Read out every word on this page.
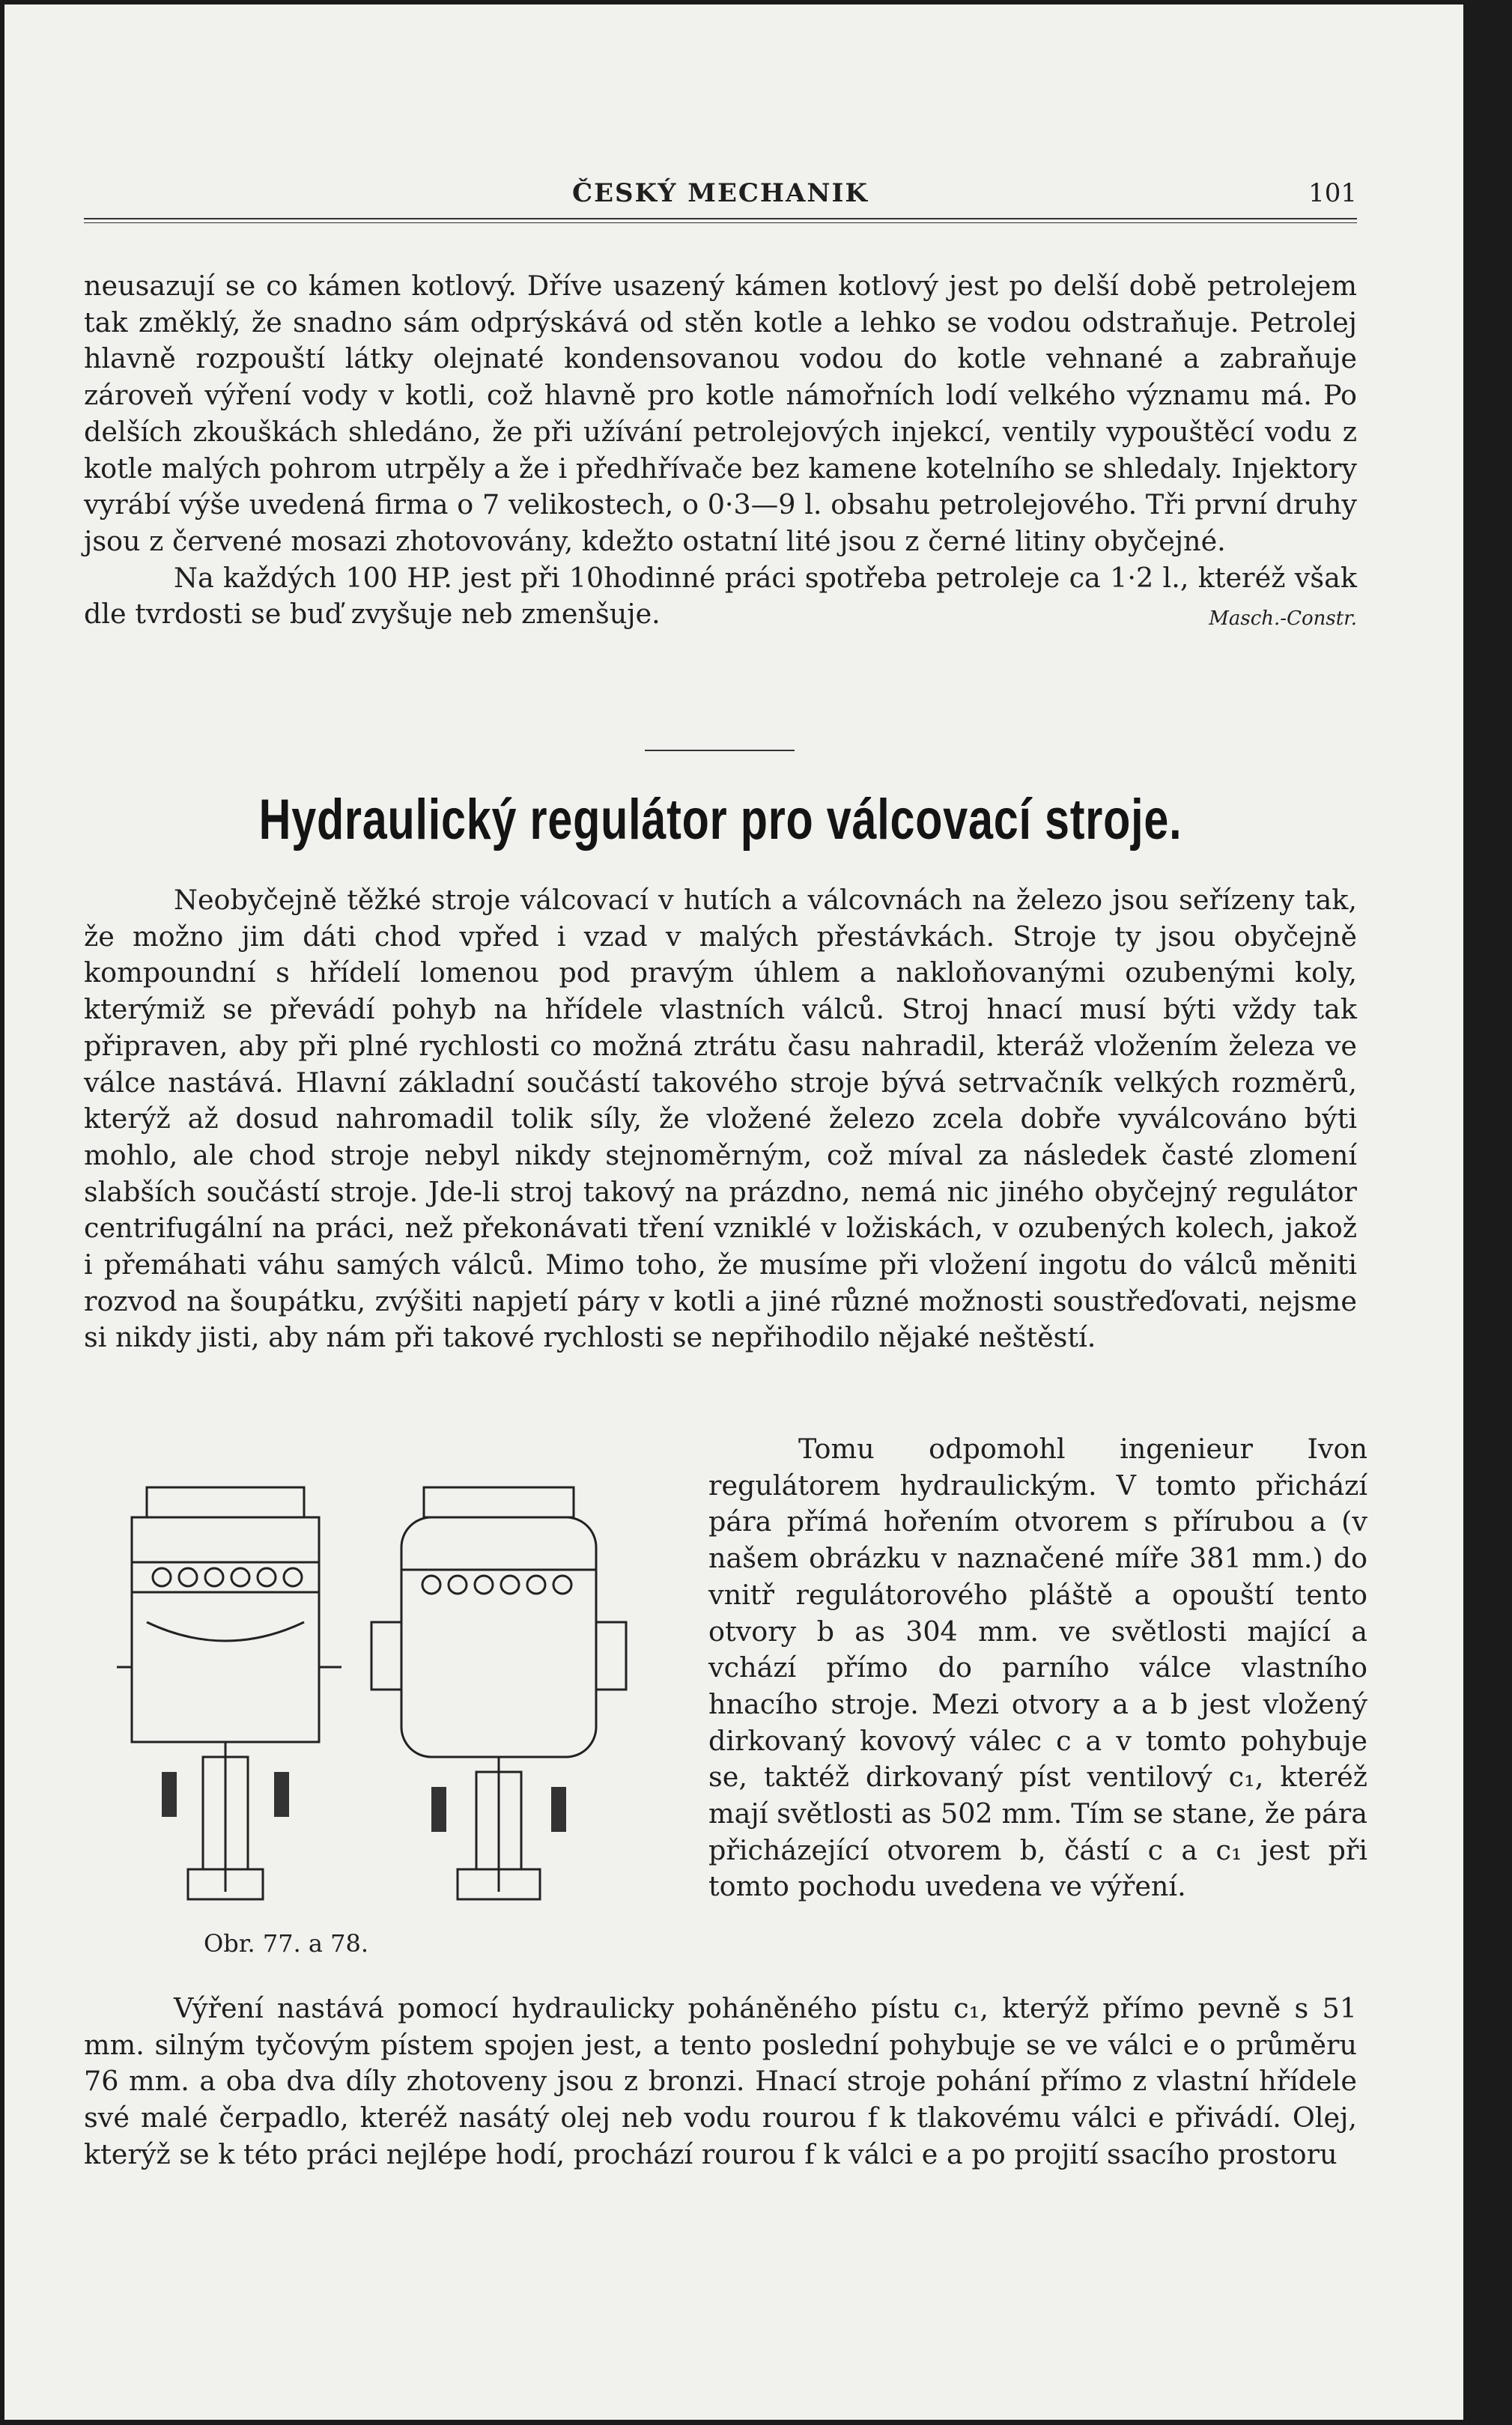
ČESKÝ MECHANIK	101

neusazují se co kámen kotlový. Dříve usazený kámen kotlový jest po delší době petrolejem tak změklý, že snadno sám odprýskává od stěn kotle a lehko se vodou odstraňuje. Petrolej hlavně rozpouští látky olejnaté kondensovanou vodou do kotle vehnané a zabraňuje zároveň výření vody v kotli, což hlavně pro kotle námořních lodí velkého významu má. Po delších zkouškách shledáno, že při užívání petrolejových injekcí, ventily vypouštěcí vodu z kotle malých pohrom utrpěly a že i předhřívače bez kamene kotelního se shledaly. Injektory vyrábí výše uvedená firma o 7 velikostech, o 0·3—9 l. obsahu petrolejového. Tři první druhy jsou z červené mosazi zhotovovány, kdežto ostatní lité jsou z černé litiny obyčejné.

Na každých 100 HP. jest při 10hodinné práci spotřeba petroleje ca 1·2 l., kteréž však dle tvrdosti se buď zvyšuje neb zmenšuje.	Masch.-Constr.

Hydraulický regulátor pro válcovací stroje.

Neobyčejně těžké stroje válcovací v hutích a válcovnách na železo jsou seřízeny tak, že možno jim dáti chod vpřed i vzad v malých přestávkách. Stroje ty jsou obyčejně kompoundní s hřídelí lomenou pod pravým úhlem a nakloňovanými ozubenými koly, kterýmiž se převádí pohyb na hřídele vlastních válců. Stroj hnací musí býti vždy tak připraven, aby při plné rychlosti co možná ztrátu času nahradil, kteráž vložením železa ve válce nastává. Hlavní základní součástí takového stroje bývá setrvačník velkých rozměrů, kterýž až dosud nahromadil tolik síly, že vložené železo zcela dobře vyválcováno býti mohlo, ale chod stroje nebyl nikdy stejnoměrným, což míval za následek časté zlomení slabších součástí stroje. Jde-li stroj takový na prázdno, nemá nic jiného obyčejný regulátor centrifugální na práci, než překonávati tření vzniklé v ložiskách, v ozubených kolech, jakož i přemáhati váhu samých válců. Mimo toho, že musíme při vložení ingotu do válců měniti rozvod na šoupátku, zvýšiti napjetí páry v kotli a jiné různé možnosti soustřeďovati, nejsme si nikdy jisti, aby nám při takové rychlosti se nepřihodilo nějaké neštěstí.

Obr. 77. a 78.

Tomu odpomohl ingenieur Ivon regulátorem hydraulickým. V tomto přichází pára přímá hořením otvorem s přírubou a (v našem obrázku v naznačené míře 381 mm.) do vnitř regulátorového pláště a opouští tento otvory b as 304 mm. ve světlosti mající a vchází přímo do parního válce vlastního hnacího stroje. Mezi otvory a a b jest vložený dirkovaný kovový válec c a v tomto pohybuje se, taktéž dirkovaný píst ventilový c₁, kteréž mají světlosti as 502 mm. Tím se stane, že pára přicházející otvorem b, částí c a c₁ jest při tomto pochodu uvedena ve výření.

Výření nastává pomocí hydraulicky poháněného pístu c₁, kterýž přímo pevně s 51 mm. silným tyčovým pístem spojen jest, a tento poslední pohybuje se ve válci e o průměru 76 mm. a oba dva díly zhotoveny jsou z bronzi. Hnací stroje pohání přímo z vlastní hřídele své malé čerpadlo, kteréž nasátý olej neb vodu rourou f k tlakovému válci e přivádí. Olej, kterýž se k této práci nejlépe hodí, prochází rourou f k válci e a po projití ssacího prostoru
